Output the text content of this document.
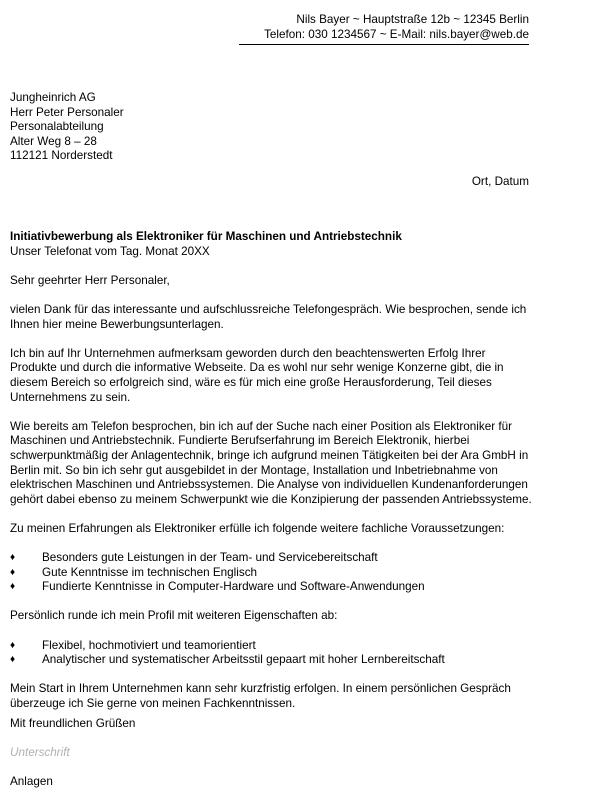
Nils Bayer ~ Hauptstraße 12b ~ 12345 Berlin
Telefon: 030 1234567 ~ E-Mail: nils.bayer@web.de
Jungheinrich AG
Herr Peter Personaler
Personalabteilung
Alter Weg 8 – 28
112121 Norderstedt
Ort, Datum
Initiativbewerbung als Elektroniker für Maschinen und Antriebstechnik
Unser Telefonat vom Tag. Monat 20XX

Sehr geehrter Herr Personaler,

vielen Dank für das interessante und aufschlussreiche Telefongespräch. Wie besprochen, sende ich Ihnen hier meine Bewerbungsunterlagen.

Ich bin auf Ihr Unternehmen aufmerksam geworden durch den beachtenswerten Erfolg Ihrer Produkte und durch die informative Webseite. Da es wohl nur sehr wenige Konzerne gibt, die in diesem Bereich so erfolgreich sind, wäre es für mich eine große Herausforderung, Teil dieses Unternehmens zu sein.

Wie bereits am Telefon besprochen, bin ich auf der Suche nach einer Position als Elektroniker für Maschinen und Antriebstechnik. Fundierte Berufserfahrung im Bereich Elektronik, hierbei schwerpunktmäßig der Anlagentechnik, bringe ich aufgrund meinen Tätigkeiten bei der Ara GmbH in Berlin mit. So bin ich sehr gut ausgebildet in der Montage, Installation und Inbetriebnahme von elektrischen Maschinen und Antriebssystemen. Die Analyse von individuellen Kundenanforderungen gehört dabei ebenso zu meinem Schwerpunkt wie die Konzipierung der passenden Antriebssysteme.

Zu meinen Erfahrungen als Elektroniker erfülle ich folgende weitere fachliche Voraussetzungen:

♦ Besonders gute Leistungen in der Team- und Servicebereitschaft
♦ Gute Kenntnisse im technischen Englisch
♦ Fundierte Kenntnisse in Computer-Hardware und Software-Anwendungen

Persönlich runde ich mein Profil mit weiteren Eigenschaften ab:

♦ Flexibel, hochmotiviert und teamorientiert
♦ Analytischer und systematischer Arbeitsstil gepaart mit hoher Lernbereitschaft

Mein Start in Ihrem Unternehmen kann sehr kurzfristig erfolgen. In einem persönlichen Gespräch überzeuge ich Sie gerne von meinen Fachkenntnissen.

Mit freundlichen Grüßen

Unterschrift

Anlagen
